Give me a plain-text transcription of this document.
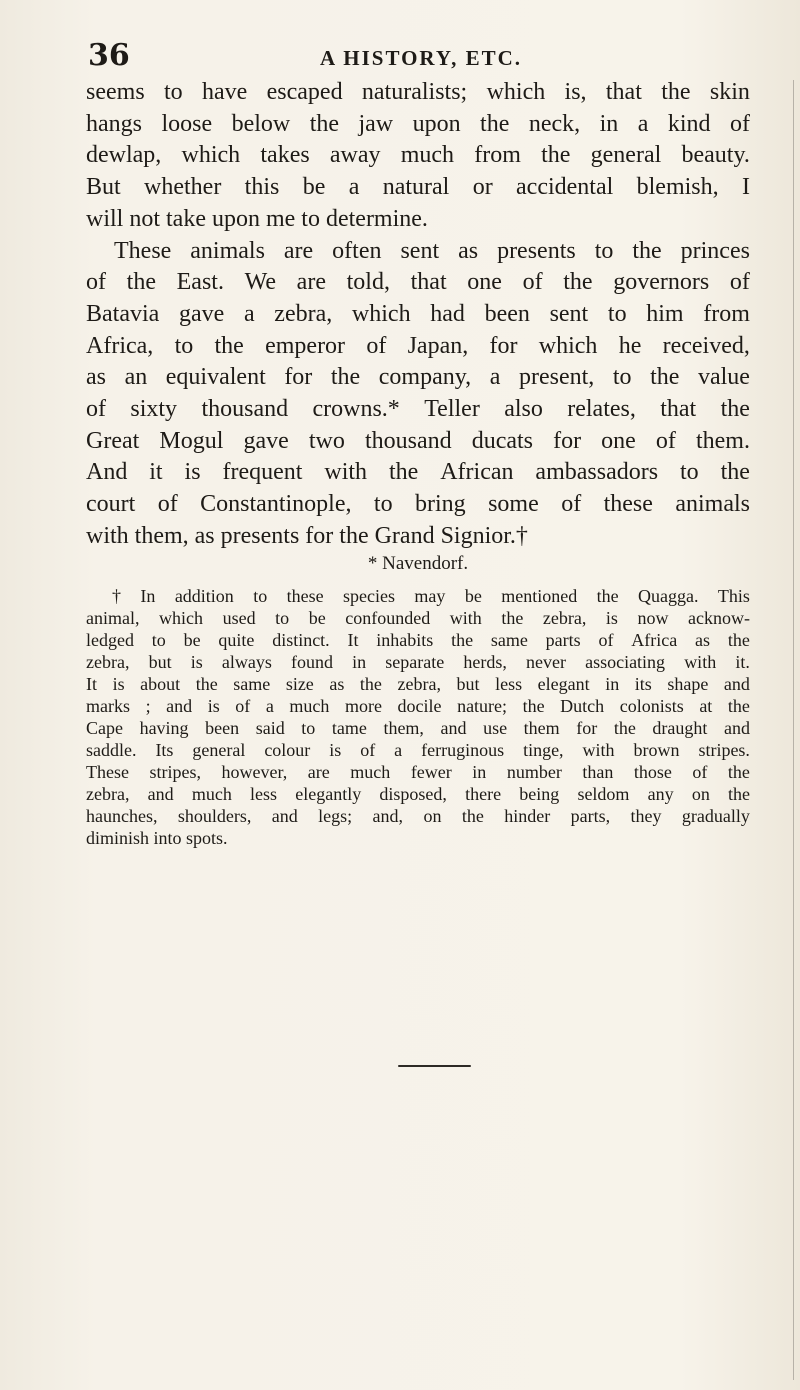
36	A HISTORY, ETC.
seems to have escaped naturalists; which is, that the skin
hangs loose below the jaw upon the neck, in a kind of
dewlap, which takes away much from the general beauty.
But whether this be a natural or accidental blemish, I
will not take upon me to determine.
These animals are often sent as presents to the princes
of the East. We are told, that one of the governors of
Batavia gave a zebra, which had been sent to him from
Africa, to the emperor of Japan, for which he received,
as an equivalent for the company, a present, to the value
of sixty thousand crowns.* Teller also relates, that the
Great Mogul gave two thousand ducats for one of them.
And it is frequent with the African ambassadors to the
court of Constantinople, to bring some of these animals
with them, as presents for the Grand Signior.†
* Navendorf.
† In addition to these species may be mentioned the Quagga. This
animal, which used to be confounded with the zebra, is now acknow-
ledged to be quite distinct. It inhabits the same parts of Africa as the
zebra, but is always found in separate herds, never associating with it.
It is about the same size as the zebra, but less elegant in its shape and
marks ; and is of a much more docile nature; the Dutch colonists at the
Cape having been said to tame them, and use them for the draught and
saddle. Its general colour is of a ferruginous tinge, with brown stripes.
These stripes, however, are much fewer in number than those of the
zebra, and much less elegantly disposed, there being seldom any on the
haunches, shoulders, and legs; and, on the hinder parts, they gradually
diminish into spots.
